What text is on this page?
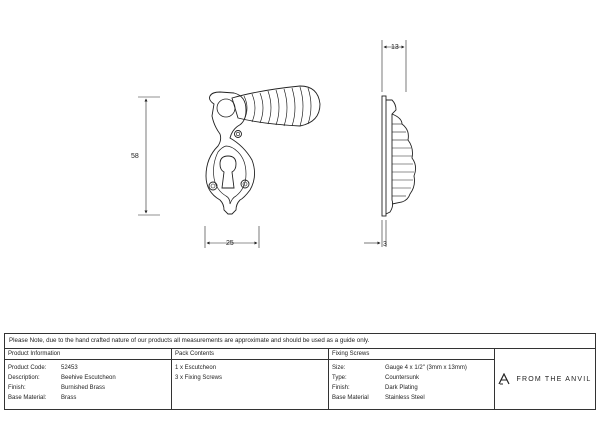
58
25
13
3
Please Note, due to the hand crafted nature of our products all measurements are approximate and should be used as a guide only.
Product Information
Product Code:	52453
Description:	Beehive Escutcheon
Finish:	Burnished Brass
Base Material:	Brass
Pack Contents
1 x Escutcheon
3 x Fixing Screws
Fixing Screws
Size:	Gauge 4 x 1/2" (3mm x 13mm)
Type:	Countersunk
Finish:	Dark Plating
Base Material	Stainless Steel
FROM THE ANVIL
